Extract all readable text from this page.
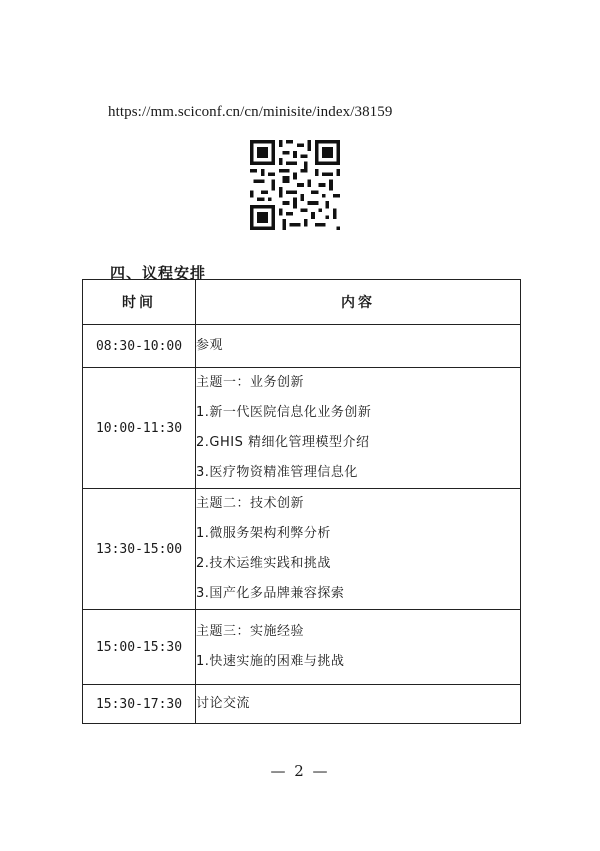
https://mm.sciconf.cn/cn/minisite/index/38159
四、议程安排
时间	内容
08:30-10:00	参观

10:00-11:30	主题一：业务创新
1.新一代医院信息化业务创新
2.GHIS 精细化管理模型介绍
3.医疗物资精准管理信息化

13:30-15:00	主题二：技术创新
1.微服务架构利弊分析
2.技术运维实践和挑战
3.国产化多品牌兼容探索

15:00-15:30	主题三：实施经验
1.快速实施的困难与挑战

15:30-17:30	讨论交流
— 2 —
